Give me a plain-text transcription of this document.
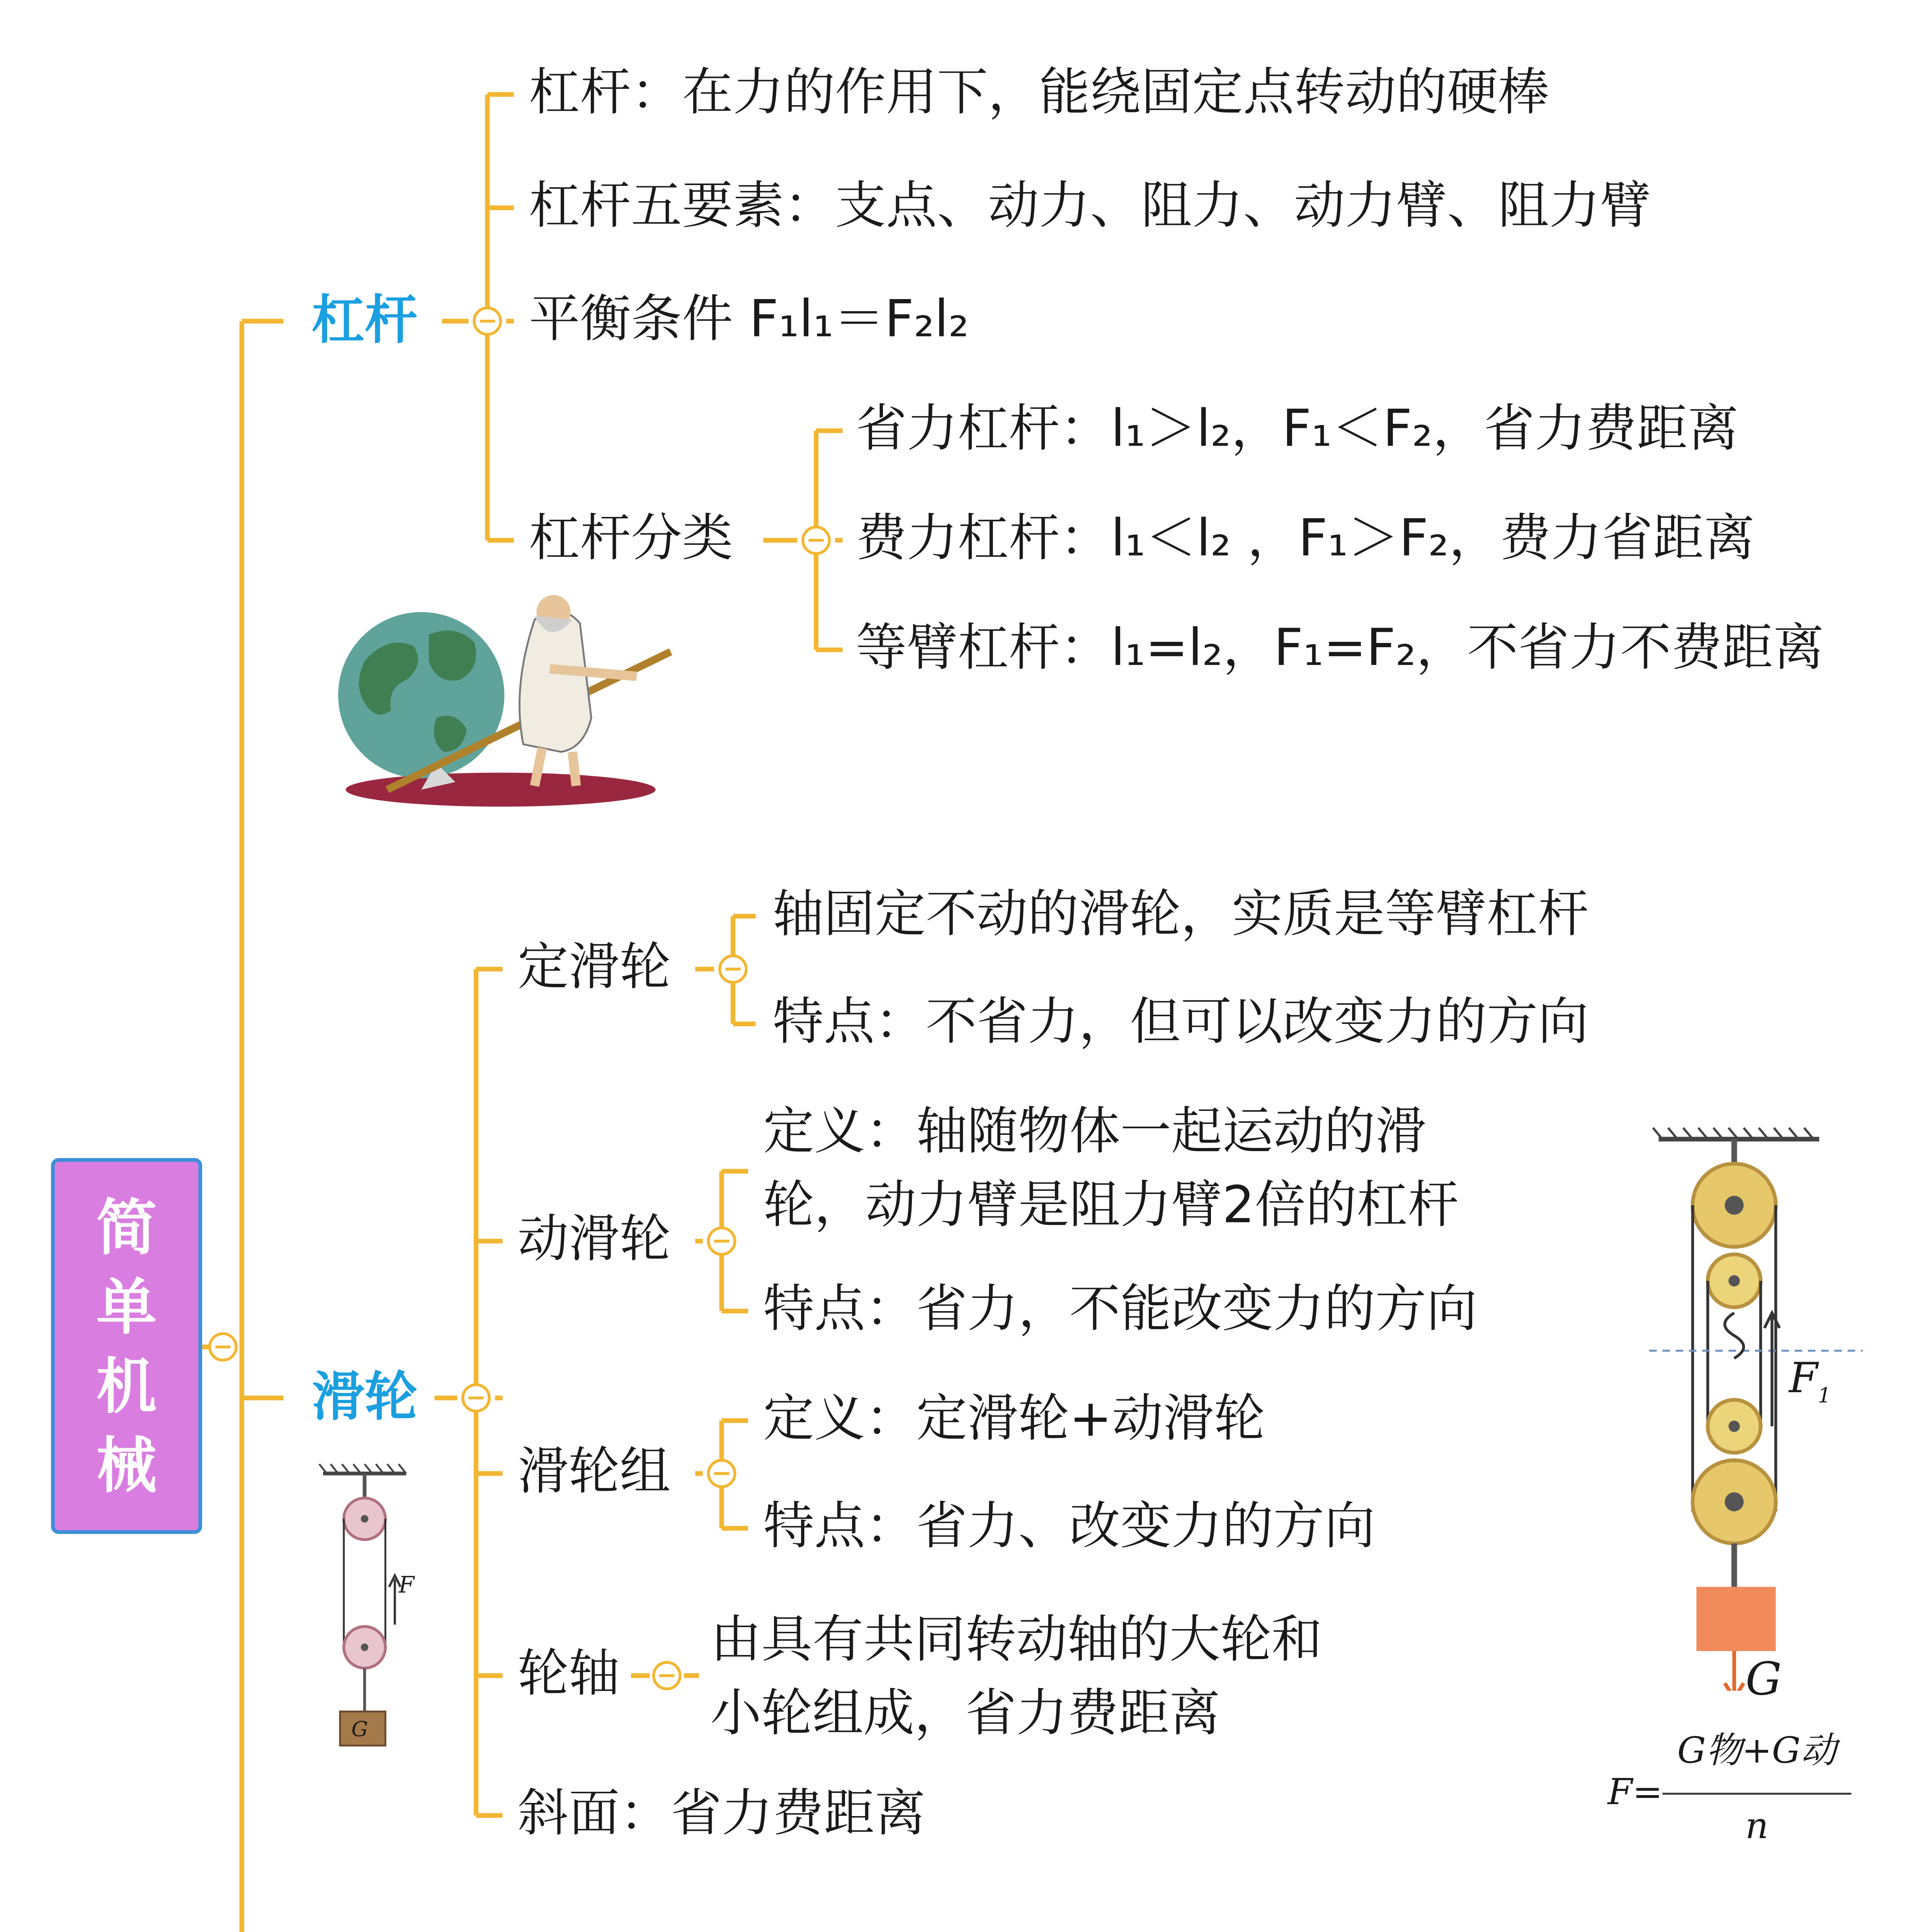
F
G
$F_1$
G
F=
G物+G动
n
简
单
机
械
杠杆
滑轮
杠杆：在力的作用下，能绕固定点转动的硬棒
杠杆五要素：支点、动力、阻力、动力臂、阻力臂
平衡条件 F₁l₁＝F₂l₂
杠杆分类
省力杠杆：l₁＞l₂，F₁＜F₂，省力费距离
费力杠杆：l₁＜l₂ ，F₁＞F₂，费力省距离
等臂杠杆：l₁=l₂，F₁=F₂，不省力不费距离
定滑轮
轴固定不动的滑轮，实质是等臂杠杆
特点：不省力，但可以改变力的方向
动滑轮
定义：轴随物体一起运动的滑轮，动力臂是阻力臂2倍的杠杆
特点：省力，不能改变力的方向
滑轮组
定义：定滑轮+动滑轮
特点：省力、改变力的方向
轮轴
由具有共同转动轴的大轮和小轮组成，省力费距离
斜面：省力费距离
